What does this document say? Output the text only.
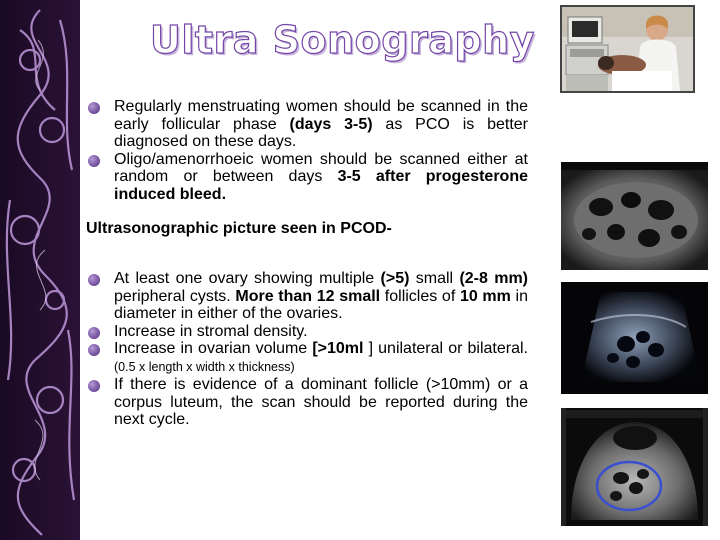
Ultra Sonography
Regularly menstruating women should be scanned in the early follicular phase (days 3-5) as PCO is better diagnosed on these days.
Oligo/amenorrhoeic women should be scanned either at random or between days 3-5 after progesterone induced bleed.
Ultrasonographic picture seen in PCOD-
At least one ovary showing multiple (>5) small (2-8 mm) peripheral cysts. More than 12 small follicles of 10 mm in diameter in either of the ovaries.
Increase in stromal density.
Increase in ovarian volume [>10ml ] unilateral or bilateral. (0.5 x length x width x thickness)
If there is evidence of a dominant follicle (>10mm) or a corpus luteum, the scan should be reported during the next cycle.
